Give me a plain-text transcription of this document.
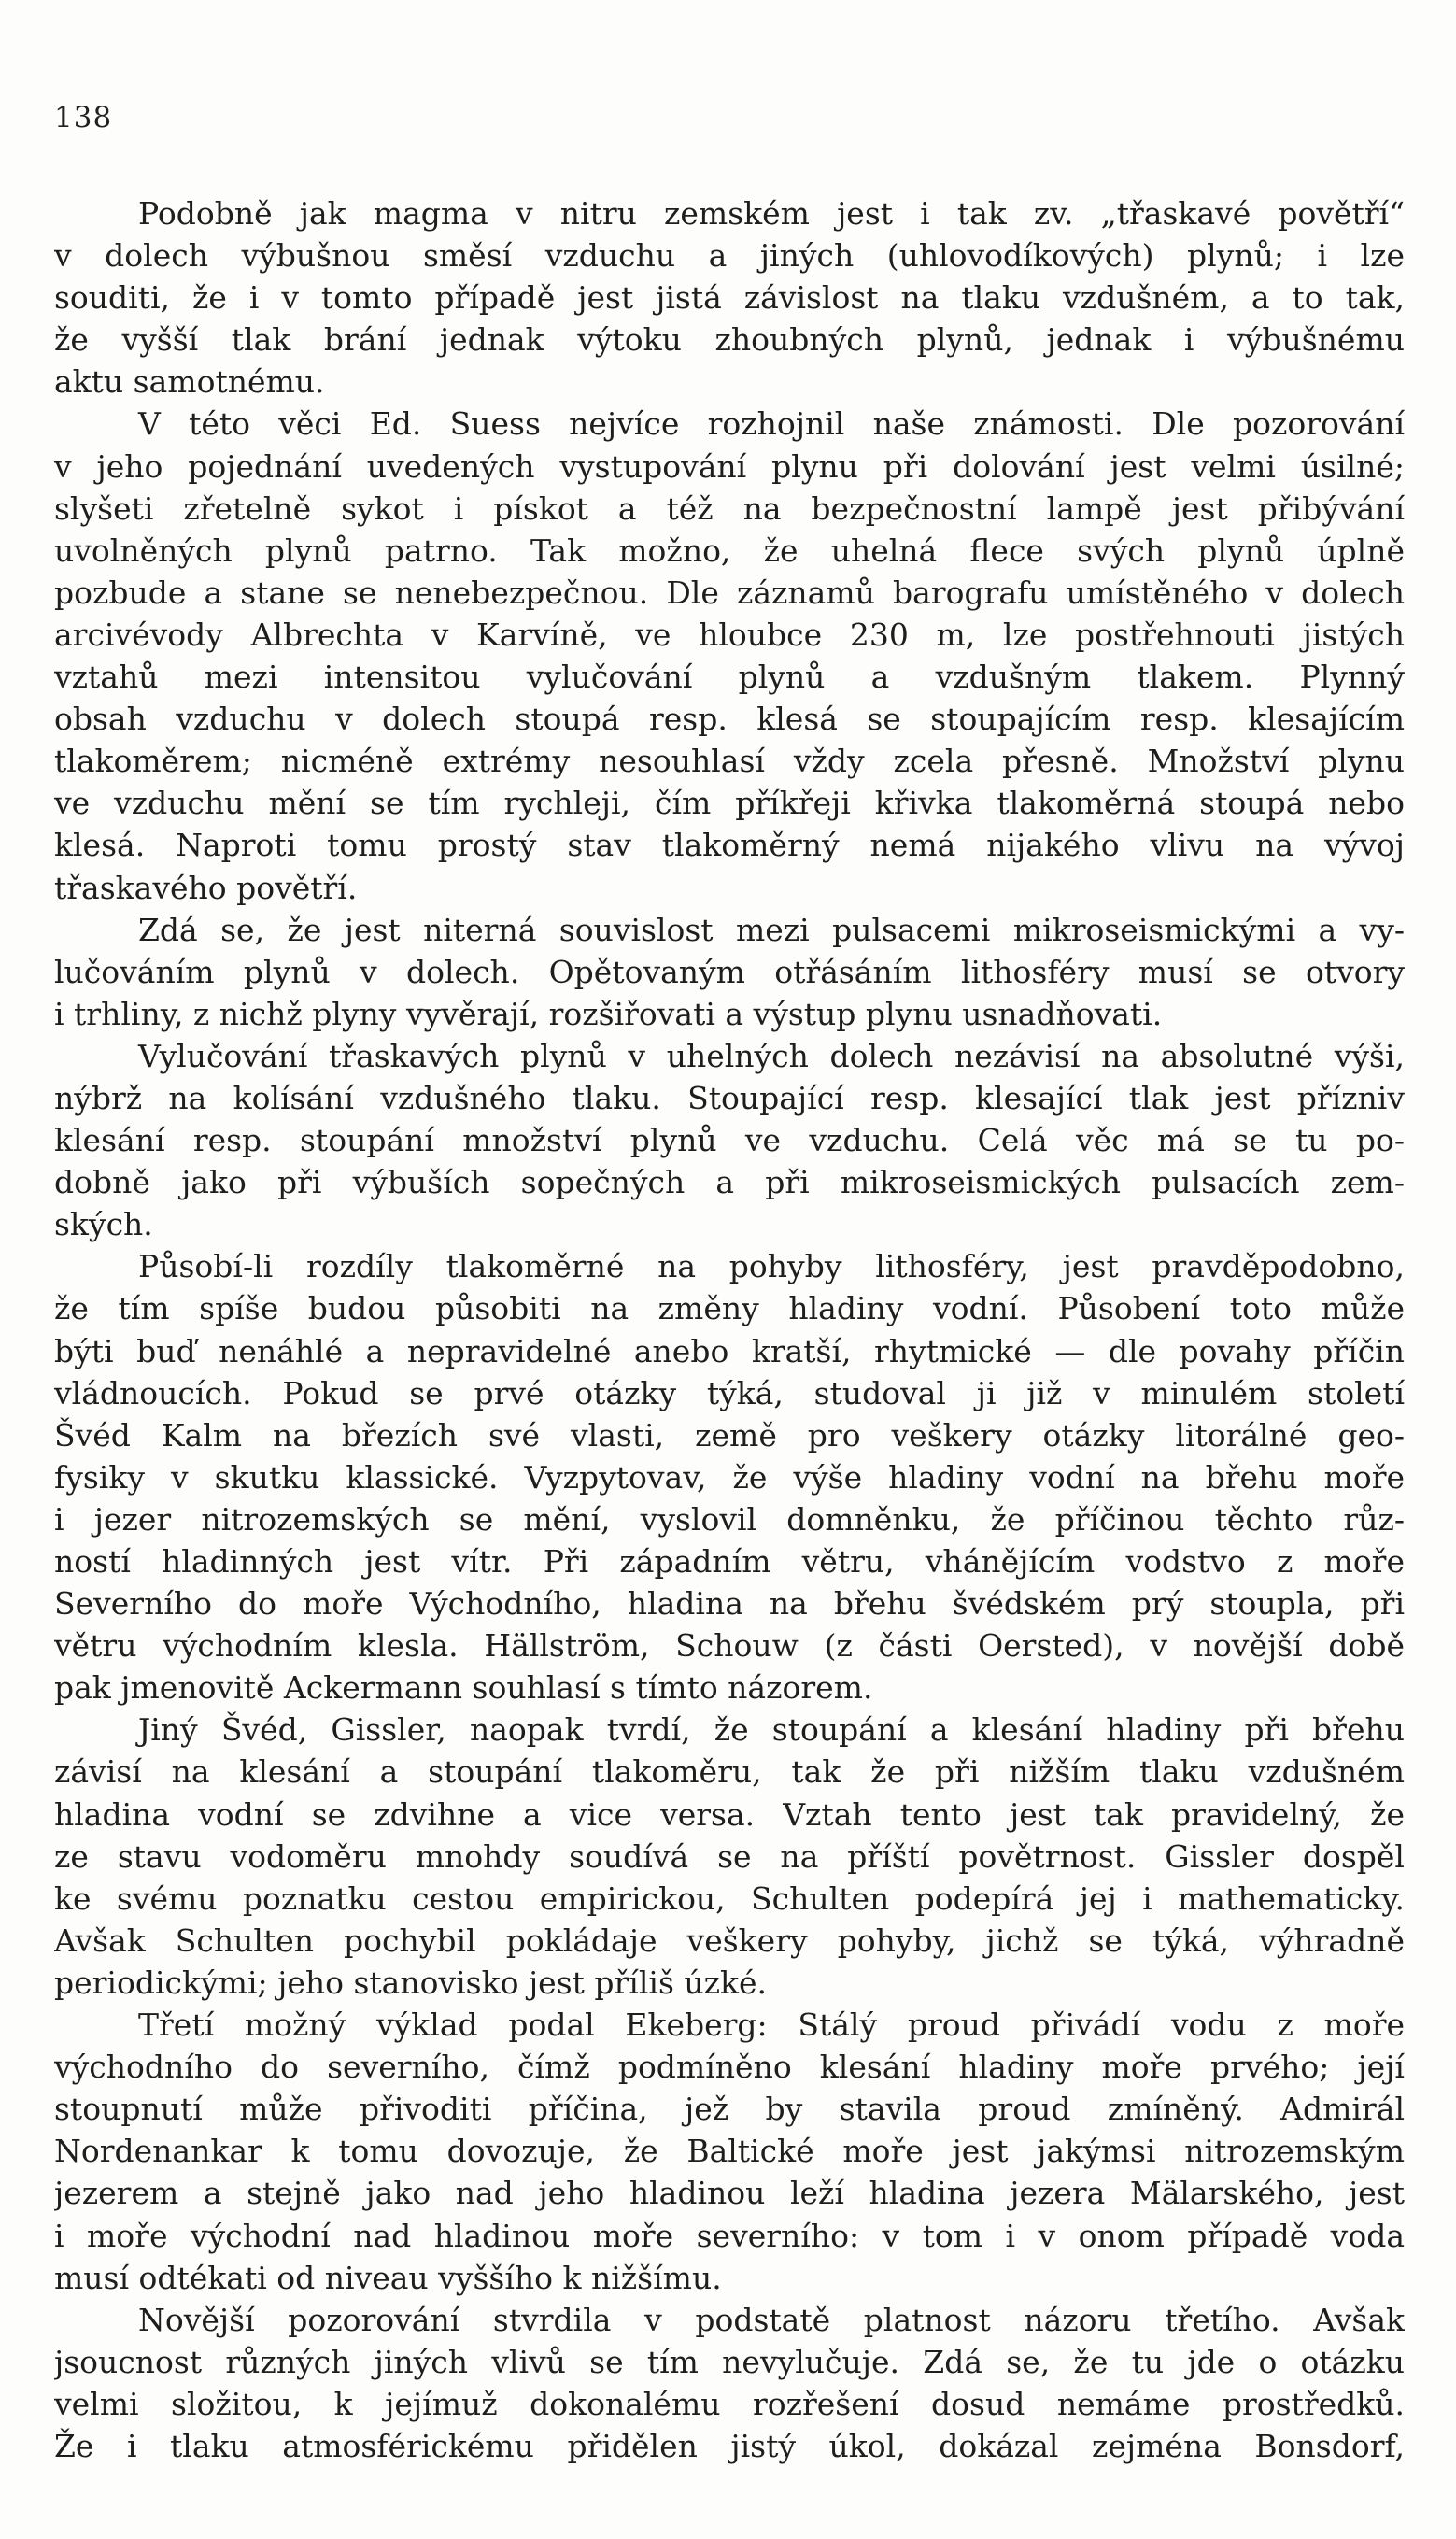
138
Podobně jak magma v nitru zemském jest i tak zv. „třaskavé povětří“
v dolech výbušnou směsí vzduchu a jiných (uhlovodíkových) plynů; i lze
souditi, že i v tomto případě jest jistá závislost na tlaku vzdušném, a to tak,
že vyšší tlak brání jednak výtoku zhoubných plynů, jednak i výbušnému
aktu samotnému.
V této věci Ed. Suess nejvíce rozhojnil naše známosti. Dle pozorování
v jeho pojednání uvedených vystupování plynu při dolování jest velmi úsilné;
slyšeti zřetelně sykot i pískot a též na bezpečnostní lampě jest přibývání
uvolněných plynů patrno. Tak možno, že uhelná flece svých plynů úplně
pozbude a stane se nenebezpečnou. Dle záznamů barografu umístěného v dolech
arcivévody Albrechta v Karvíně, ve hloubce 230 m, lze postřehnouti jistých
vztahů mezi intensitou vylučování plynů a vzdušným tlakem. Plynný
obsah vzduchu v dolech stoupá resp. klesá se stoupajícím resp. klesajícím
tlakoměrem; nicméně extrémy nesouhlasí vždy zcela přesně. Množství plynu
ve vzduchu mění se tím rychleji, čím příkřeji křivka tlakoměrná stoupá nebo
klesá. Naproti tomu prostý stav tlakoměrný nemá nijakého vlivu na vývoj
třaskavého povětří.
Zdá se, že jest niterná souvislost mezi pulsacemi mikroseismickými a vy-
lučováním plynů v dolech. Opětovaným otřásáním lithosféry musí se otvory
i trhliny, z nichž plyny vyvěrají, rozšiřovati a výstup plynu usnadňovati.
Vylučování třaskavých plynů v uhelných dolech nezávisí na absolutné výši,
nýbrž na kolísání vzdušného tlaku. Stoupající resp. klesající tlak jest přízniv
klesání resp. stoupání množství plynů ve vzduchu. Celá věc má se tu po-
dobně jako při výbuších sopečných a při mikroseismických pulsacích zem-
ských.
Působí-li rozdíly tlakoměrné na pohyby lithosféry, jest pravděpodobno,
že tím spíše budou působiti na změny hladiny vodní. Působení toto může
býti buď nenáhlé a nepravidelné anebo kratší, rhytmické — dle povahy příčin
vládnoucích. Pokud se prvé otázky týká, studoval ji již v minulém století
Švéd Kalm na březích své vlasti, země pro veškery otázky litorálné geo-
fysiky v skutku klassické. Vyzpytovav, že výše hladiny vodní na břehu moře
i jezer nitrozemských se mění, vyslovil domněnku, že příčinou těchto růz-
ností hladinných jest vítr. Při západním větru, vhánějícím vodstvo z moře
Severního do moře Východního, hladina na břehu švédském prý stoupla, při
větru východním klesla. Hällström, Schouw (z části Oersted), v novější době
pak jmenovitě Ackermann souhlasí s tímto názorem.
Jiný Švéd, Gissler, naopak tvrdí, že stoupání a klesání hladiny při břehu
závisí na klesání a stoupání tlakoměru, tak že při nižším tlaku vzdušném
hladina vodní se zdvihne a vice versa. Vztah tento jest tak pravidelný, že
ze stavu vodoměru mnohdy soudívá se na příští povětrnost. Gissler dospěl
ke svému poznatku cestou empirickou, Schulten podepírá jej i mathematicky.
Avšak Schulten pochybil pokládaje veškery pohyby, jichž se týká, výhradně
periodickými; jeho stanovisko jest příliš úzké.
Třetí možný výklad podal Ekeberg: Stálý proud přivádí vodu z moře
východního do severního, čímž podmíněno klesání hladiny moře prvého; její
stoupnutí může přivoditi příčina, jež by stavila proud zmíněný. Admirál
Nordenankar k tomu dovozuje, že Baltické moře jest jakýmsi nitrozemským
jezerem a stejně jako nad jeho hladinou leží hladina jezera Mälarského, jest
i moře východní nad hladinou moře severního: v tom i v onom případě voda
musí odtékati od niveau vyššího k nižšímu.
Novější pozorování stvrdila v podstatě platnost názoru třetího. Avšak
jsoucnost různých jiných vlivů se tím nevylučuje. Zdá se, že tu jde o otázku
velmi složitou, k jejímuž dokonalému rozřešení dosud nemáme prostředků.
Že i tlaku atmosférickému přidělen jistý úkol, dokázal zejména Bonsdorf,
